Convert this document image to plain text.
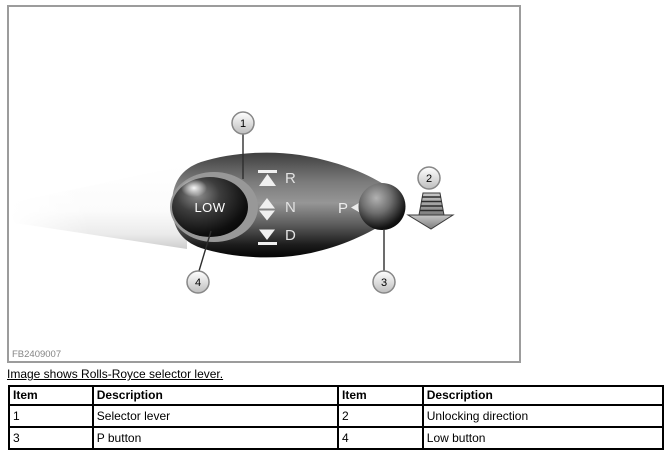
LOW
R
N
D
P
1
2
3
4
FB2409007
Image shows Rolls-Royce selector lever.
Item	Description	Item	Description
1	Selector lever	2	Unlocking direction
3	P button	4	Low button
